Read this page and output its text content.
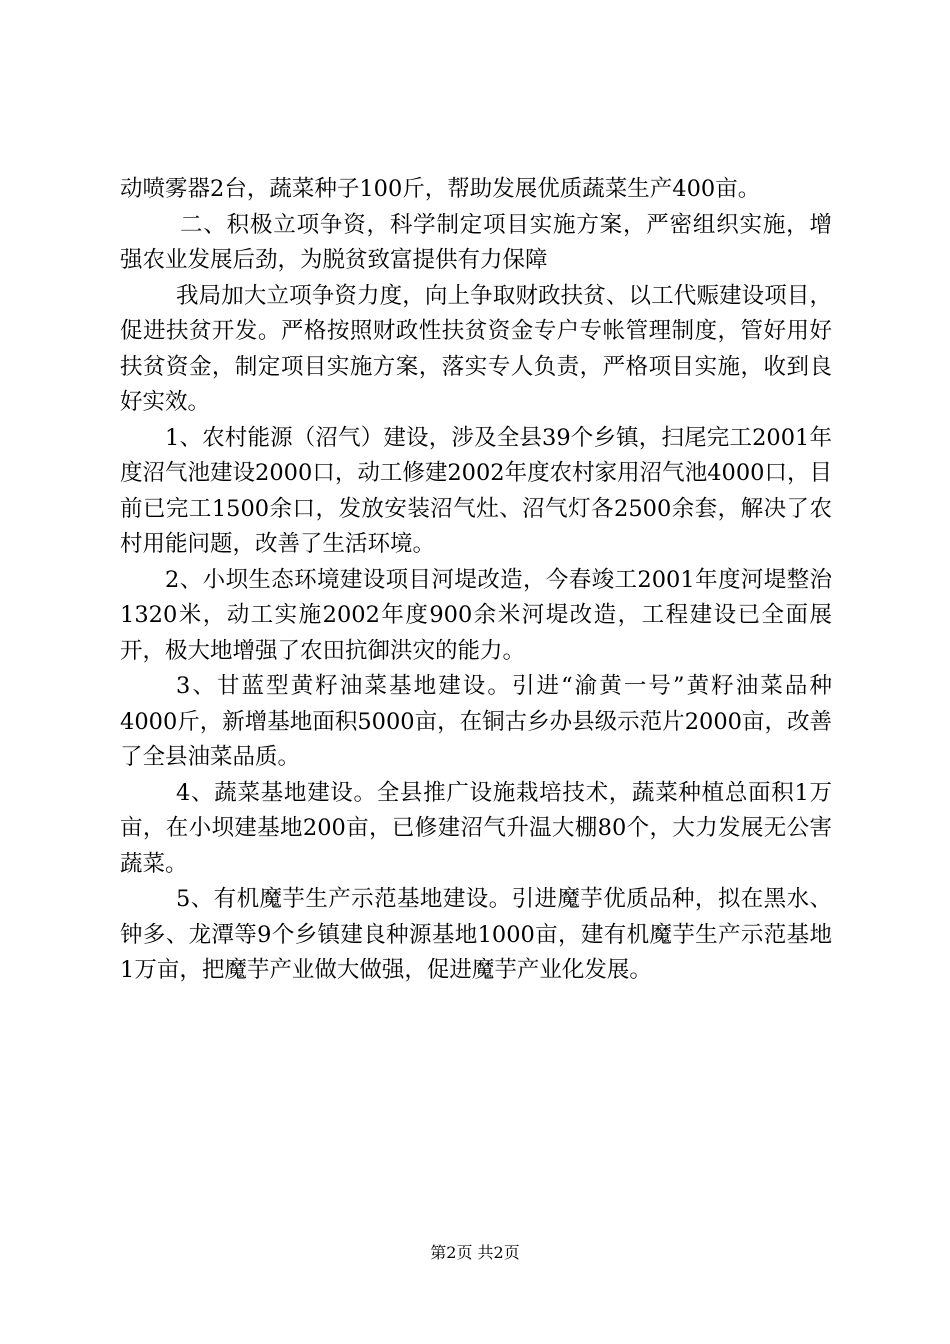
动喷雾器2台，蔬菜种子100斤，帮助发展优质蔬菜生产400亩。

二、积极立项争资，科学制定项目实施方案，严密组织实施，增强农业发展后劲，为脱贫致富提供有力保障

我局加大立项争资力度，向上争取财政扶贫、以工代赈建设项目，促进扶贫开发。严格按照财政性扶贫资金专户专帐管理制度，管好用好扶贫资金，制定项目实施方案，落实专人负责，严格项目实施，收到良好实效。

1、农村能源（沼气）建设，涉及全县39个乡镇，扫尾完工2001年度沼气池建设2000口，动工修建2002年度农村家用沼气池4000口，目前已完工1500余口，发放安装沼气灶、沼气灯各2500余套，解决了农村用能问题，改善了生活环境。

2、小坝生态环境建设项目河堤改造，今春竣工2001年度河堤整治1320米，动工实施2002年度900余米河堤改造，工程建设已全面展开，极大地增强了农田抗御洪灾的能力。

3、甘蓝型黄籽油菜基地建设。引进“渝黄一号”黄籽油菜品种4000斤，新增基地面积5000亩，在铜古乡办县级示范片2000亩，改善了全县油菜品质。

4、蔬菜基地建设。全县推广设施栽培技术，蔬菜种植总面积1万亩，在小坝建基地200亩，已修建沼气升温大棚80个，大力发展无公害蔬菜。

5、有机魔芋生产示范基地建设。引进魔芋优质品种，拟在黑水、钟多、龙潭等9个乡镇建良种源基地1000亩，建有机魔芋生产示范基地1万亩，把魔芋产业做大做强，促进魔芋产业化发展。

第2页 共2页
